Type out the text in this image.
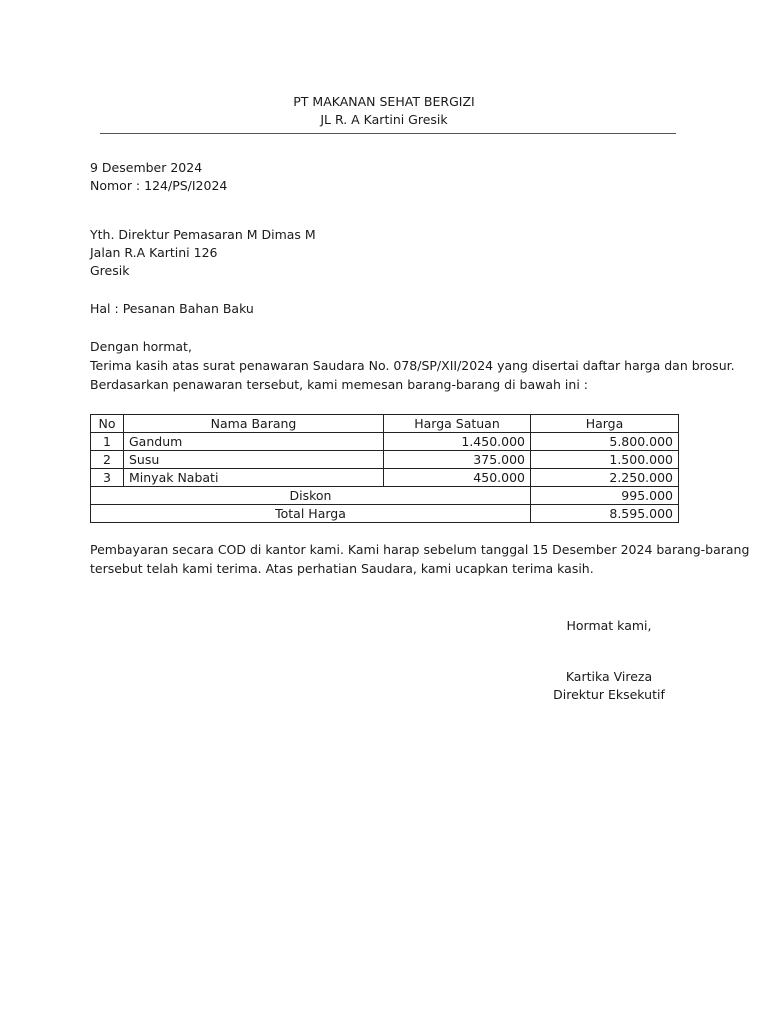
PT MAKANAN SEHAT BERGIZI
JL R. A Kartini Gresik
9 Desember 2024
Nomor : 124/PS/I2024
Yth. Direktur Pemasaran M Dimas M
Jalan R.A Kartini 126
Gresik
Hal : Pesanan Bahan Baku
Dengan hormat,
Terima kasih atas surat penawaran Saudara No. 078/SP/XII/2024 yang disertai daftar harga dan brosur.
Berdasarkan penawaran tersebut, kami memesan barang-barang di bawah ini :
No	Nama Barang	Harga Satuan	Harga
1	Gandum	1.450.000	5.800.000
2	Susu	375.000	1.500.000
3	Minyak Nabati	450.000	2.250.000
Diskon			995.000
Total Harga			8.595.000
Pembayaran secara COD di kantor kami. Kami harap sebelum tanggal 15 Desember 2024 barang-barang
tersebut telah kami terima. Atas perhatian Saudara, kami ucapkan terima kasih.
Hormat kami,
Kartika Vireza
Direktur Eksekutif
